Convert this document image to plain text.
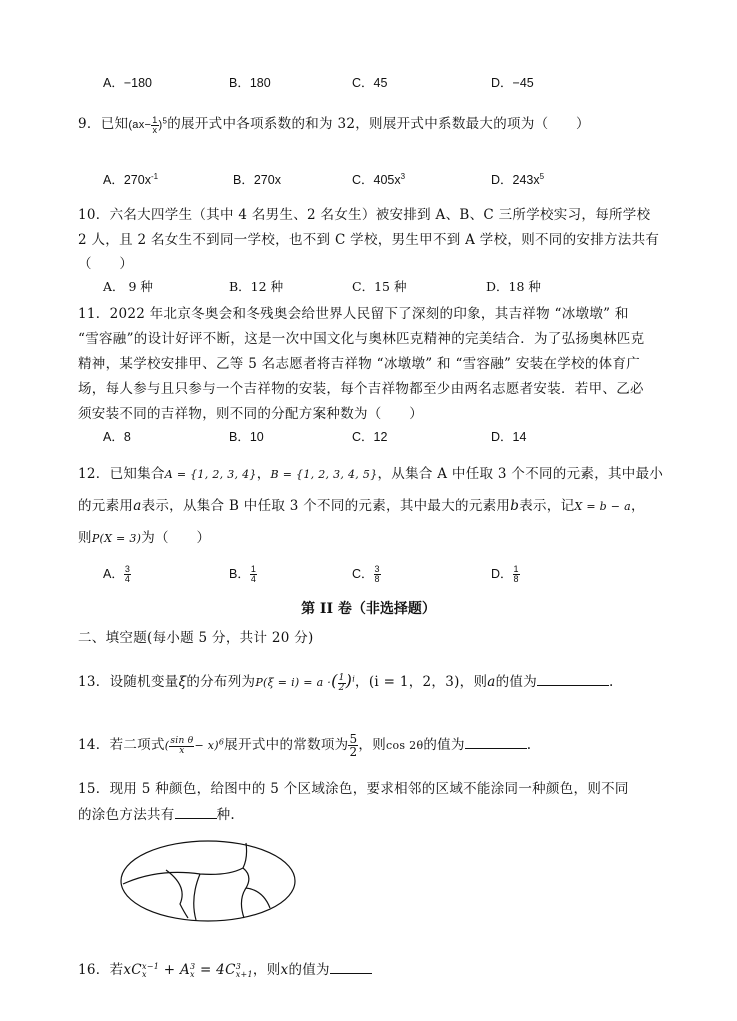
A．−180	B．180	C．45	D．−45
9．已知$(ax- \frac{1}{x} )^5$的展开式中各项系数的和为 32，则展开式中系数最大的项为（　　）
A．$270x^{-1}$	B．270x	C．$405x^3$	D．$243x^5$
10．六名大四学生（其中 4 名男生、2 名女生）被安排到 A、B、C 三所学校实习，每所学校
2 人，且 2 名女生不到同一学校，也不到 C 学校，男生甲不到 A 学校，则不同的安排方法共有
（　　）
A． 9 种	B．12 种	C．15 种	D．18 种
11．2022 年北京冬奥会和冬残奥会给世界人民留下了深刻的印象，其吉祥物 “冰墩墩” 和
“雪容融”的设计好评不断，这是一次中国文化与奥林匹克精神的完美结合．为了弘扬奥林匹克
精神，某学校安排甲、乙等 5 名志愿者将吉祥物 “冰墩墩” 和 “雪容融” 安装在学校的体育广
场，每人参与且只参与一个吉祥物的安装，每个吉祥物都至少由两名志愿者安装．若甲、乙必
须安装不同的吉祥物，则不同的分配方案种数为（　　）
A．8	B．10	C．12	D．14
12．已知集合A = {1, 2, 3, 4}，B = {1, 2, 3, 4, 5}，从集合 A 中任取 3 个不同的元素，其中最小
的元素用a表示，从集合 B 中任取 3 个不同的元素，其中最大的元素用b表示，记X = b − a，
则P(X = 3)为（　　）
A． $\frac{3}{4}$	B． $\frac{1}{4}$	C． $\frac{3}{8}$	D． $\frac{1}{8}$
第 II 卷（非选择题）
二、填空题(每小题 5 分，共计 20 分)
13．设随机变量ξ的分布列为P(ξ = i) = a ·( $\frac{1}{2} )^i$，(i = 1，2，3)，则a的值为	.
14．若二项式( $\frac{\text{sin θ}}{x} - x)^6$展开式中的常数项为 $\frac{5}{2}$ ，则cos 2θ的值为	.
15．现用 5 种颜色，给图中的 5 个区域涂色，要求相邻的区域不能涂同一种颜色，则不同
的涂色方法共有	种.
16．若xC x−1
x + A 3
x = 4C 3
x+1 ，则x的值为
